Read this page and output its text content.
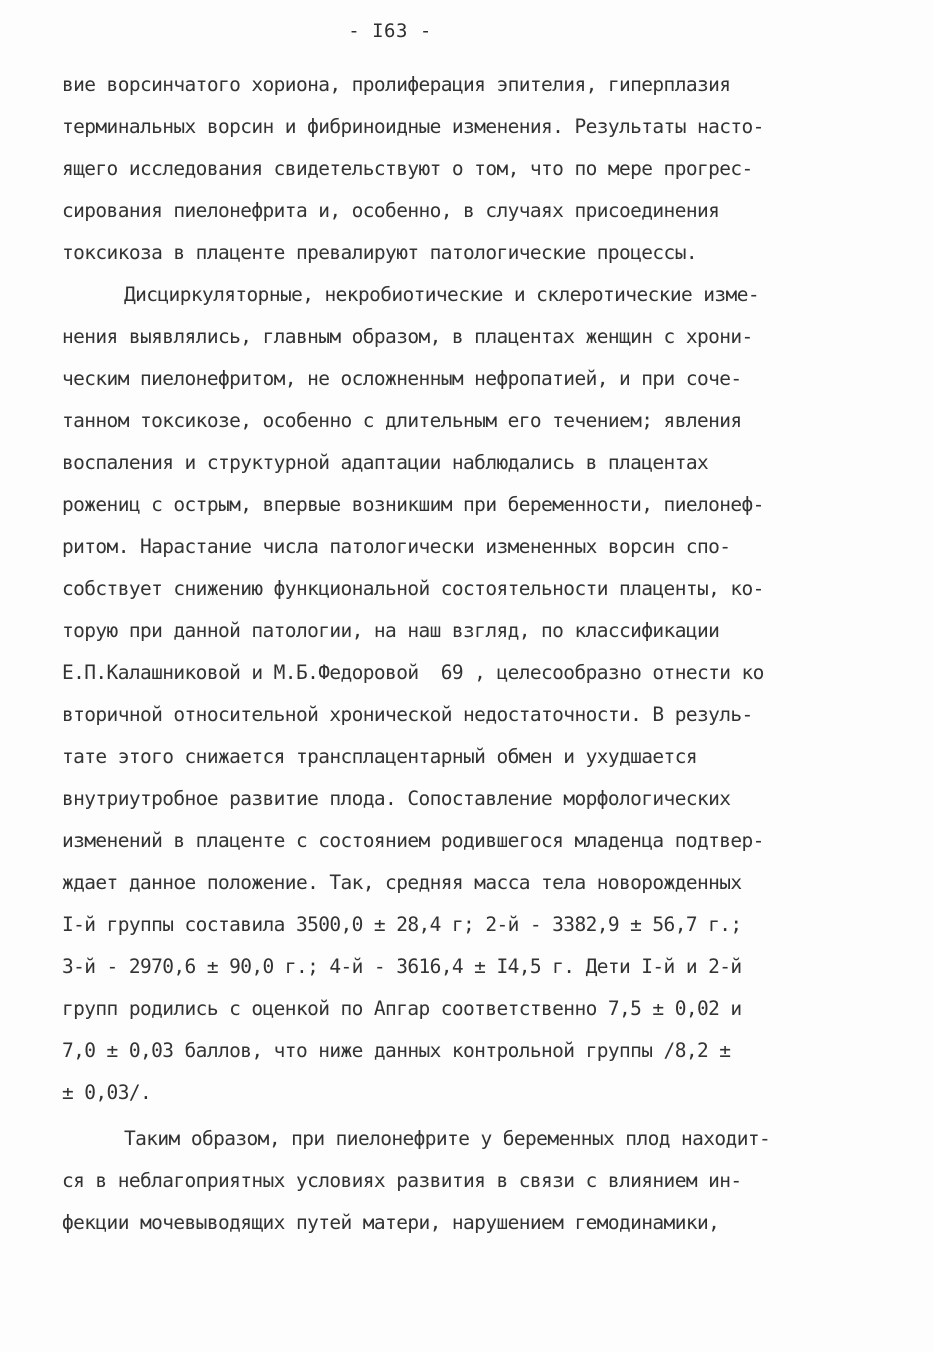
- I63 -
вие ворсинчатого хориона, пролиферация эпителия, гиперплазия
терминальных ворсин и фибриноидные изменения. Результаты насто-
ящего исследования свидетельствуют о том, что по мере прогрес-
сирования пиелонефрита и, особенно, в случаях присоединения
токсикоза в плаценте превалируют патологические процессы.
Дисциркуляторные, некробиотические и склеротические изме-
нения выявлялись, главным образом, в плацентах женщин с хрони-
ческим пиелонефритом, не осложненным нефропатией, и при соче-
танном токсикозе, особенно с длительным его течением; явления
воспаления и структурной адаптации наблюдались в плацентах
рожениц с острым, впервые возникшим при беременности, пиелонеф-
ритом. Нарастание числа патологически измененных ворсин спо-
собствует снижению функциональной состоятельности плаценты, ко-
торую при данной патологии, на наш взгляд, по классификации
Е.П.Калашниковой и М.Б.Федоровой  69 , целесообразно отнести ко
вторичной относительной хронической недостаточности. В резуль-
тате этого снижается трансплацентарный обмен и ухудшается
внутриутробное развитие плода. Сопоставление морфологических
изменений в плаценте с состоянием родившегося младенца подтвер-
ждает данное положение. Так, средняя масса тела новорожденных
I-й группы составила 3500,0 ± 28,4 г; 2-й - 3382,9 ± 56,7 г.;
3-й - 2970,6 ± 90,0 г.; 4-й - 3616,4 ± I4,5 г. Дети I-й и 2-й
групп родились с оценкой по Апгар соответственно 7,5 ± 0,02 и
7,0 ± 0,03 баллов, что ниже данных контрольной группы /8,2 ±
± 0,03/.
Таким образом, при пиелонефрите у беременных плод находит-
ся в неблагоприятных условиях развития в связи с влиянием ин-
фекции мочевыводящих путей матери, нарушением гемодинамики,
